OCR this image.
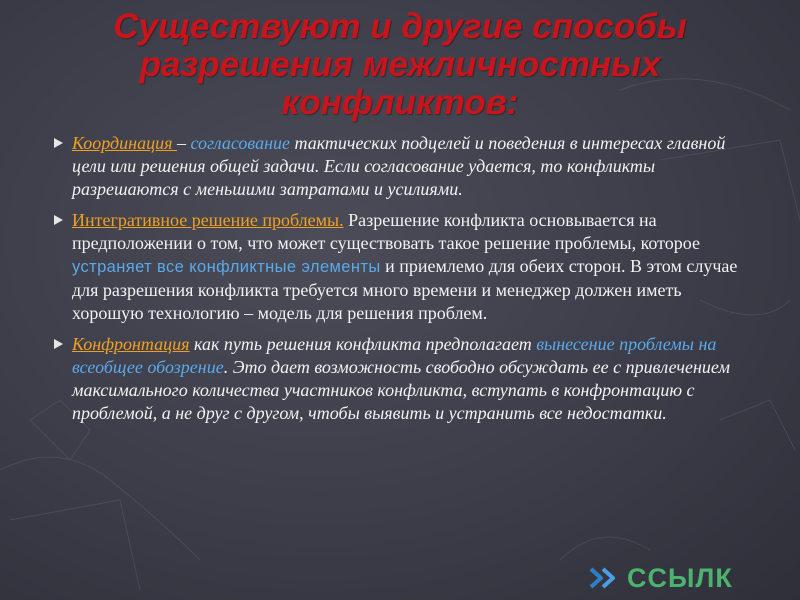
Существуют и другие способы
разрешения межличностных
конфликтов:
Координация – согласование тактических подцелей и поведения в интересах главной цели или решения общей задачи. Если согласование удается, то конфликты разрешаются с меньшими затратами и усилиями.
Интегративное решение проблемы. Разрешение конфликта основывается на предположении о том, что может существовать такое решение проблемы, которое устраняет все конфликтные элементы и приемлемо для обеих сторон. В этом случае для разрешения конфликта требуется много времени и менеджер должен иметь хорошую технологию – модель для решения проблем.
Конфронтация как путь решения конфликта предполагает вынесение проблемы на всеобщее обозрение. Это дает возможность свободно обсуждать ее с привлечением максимального количества участников конфликта, вступать в конфронтацию с проблемой, а не друг с другом, чтобы выявить и устранить все недостатки.
ССЫЛК
